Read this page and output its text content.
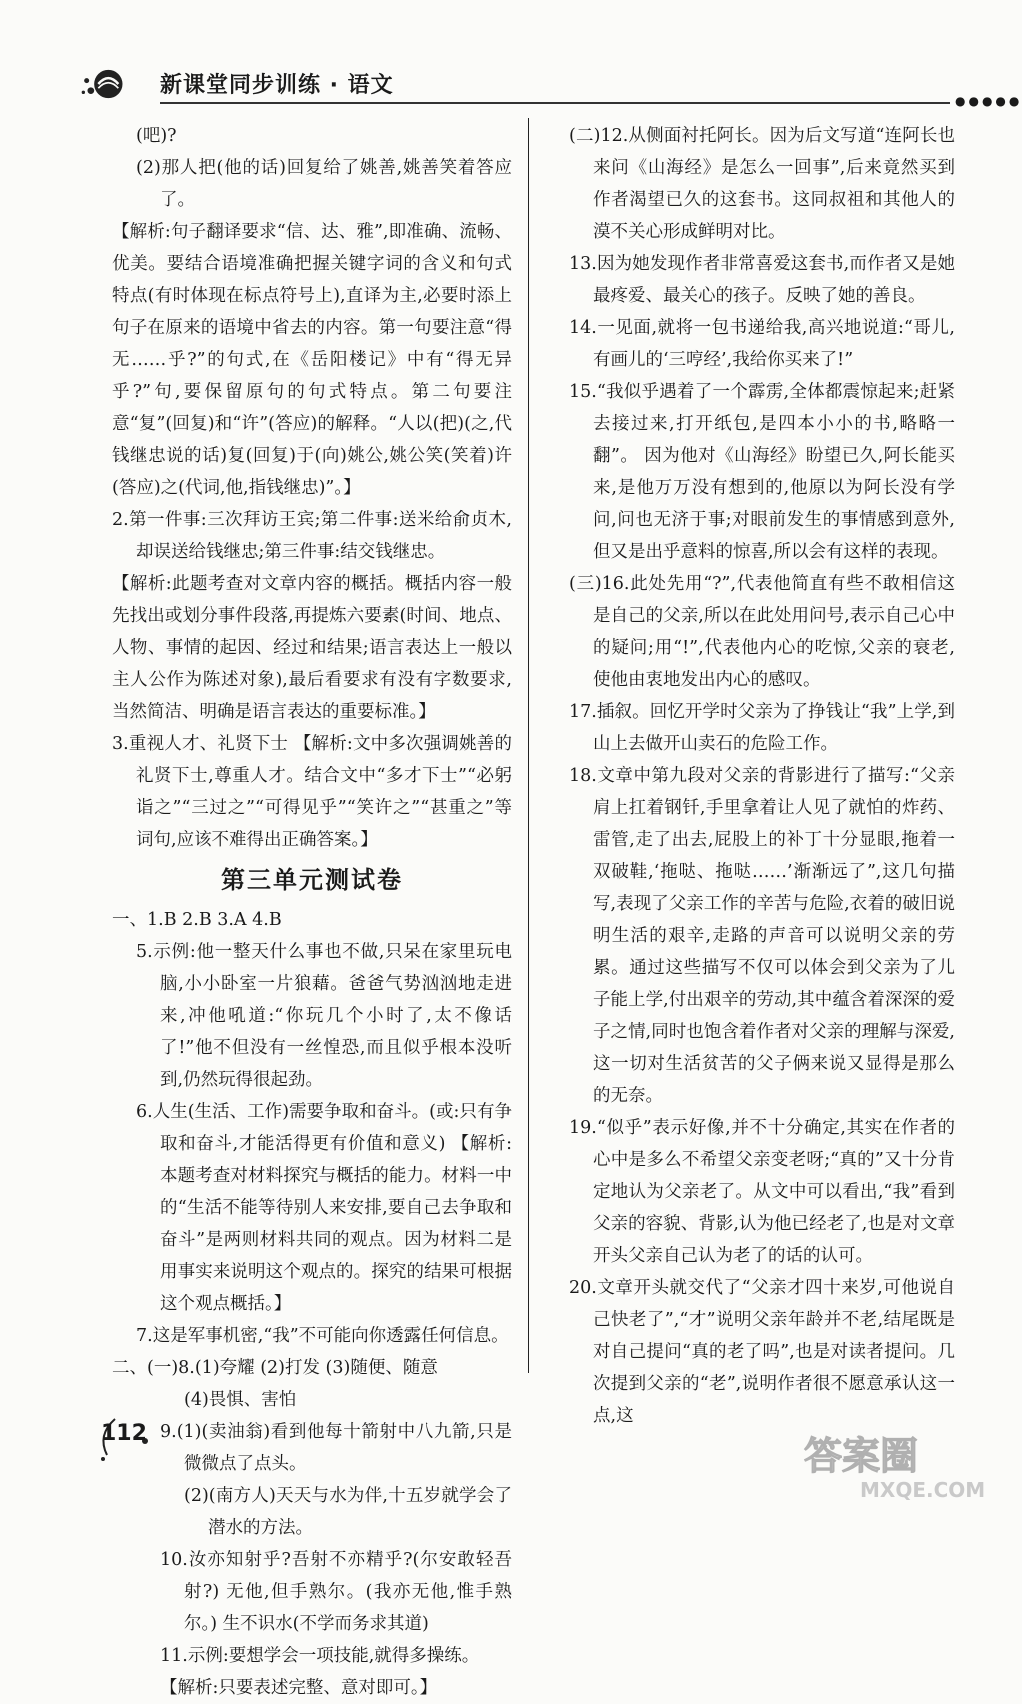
新课堂同步训练 · 语文
●●●●●

(吧)?

(2)那人把(他的话)回复给了姚善,姚善笑着答应了。

【解析:句子翻译要求“信、达、雅”,即准确、流畅、优美。要结合语境准确把握关键字词的含义和句式特点(有时体现在标点符号上),直译为主,必要时添上句子在原来的语境中省去的内容。第一句要注意“得无……乎?”的句式,在《岳阳楼记》中有“得无异乎?”句,要保留原句的句式特点。第二句要注意“复”(回复)和“许”(答应)的解释。“人以(把)(之,代钱继忠说的话)复(回复)于(向)姚公,姚公笑(笑着)许(答应)之(代词,他,指钱继忠)”。】

2.第一件事:三次拜访王宾;第二件事:送米给俞贞木,却误送给钱继忠;第三件事:结交钱继忠。

【解析:此题考查对文章内容的概括。概括内容一般先找出或划分事件段落,再提炼六要素(时间、地点、人物、事情的起因、经过和结果;语言表达上一般以主人公作为陈述对象),最后看要求有没有字数要求,当然简洁、明确是语言表达的重要标准。】

3.重视人才、礼贤下士 【解析:文中多次强调姚善的礼贤下士,尊重人才。结合文中“多才下士”“必躬诣之”“三过之”“可得见乎”“笑许之”“甚重之”等词句,应该不难得出正确答案。】

第三单元测试卷

一、1.B 2.B 3.A 4.B

5.示例:他一整天什么事也不做,只呆在家里玩电脑,小小卧室一片狼藉。爸爸气势汹汹地走进来,冲他吼道:“你玩几个小时了,太不像话了!”他不但没有一丝惶恐,而且似乎根本没听到,仍然玩得很起劲。

6.人生(生活、工作)需要争取和奋斗。(或:只有争取和奋斗,才能活得更有价值和意义) 【解析:本题考查对材料探究与概括的能力。材料一中的“生活不能等待别人来安排,要自己去争取和奋斗”是两则材料共同的观点。因为材料二是用事实来说明这个观点的。探究的结果可根据这个观点概括。】

7.这是军事机密,“我”不可能向你透露任何信息。

二、(一)8.(1)夸耀 (2)打发 (3)随便、随意

(4)畏惧、害怕

9.(1)(卖油翁)看到他每十箭射中八九箭,只是微微点了点头。

(2)(南方人)天天与水为伴,十五岁就学会了潜水的方法。

10.汝亦知射乎?吾射不亦精乎?(尔安敢轻吾射?) 无他,但手熟尔。(我亦无他,惟手熟尔。) 生不识水(不学而务求其道)

11.示例:要想学会一项技能,就得多操练。

【解析:只要表述完整、意对即可。】

(二)12.从侧面衬托阿长。因为后文写道“连阿长也来问《山海经》是怎么一回事”,后来竟然买到作者渴望已久的这套书。这同叔祖和其他人的漠不关心形成鲜明对比。

13.因为她发现作者非常喜爱这套书,而作者又是她最疼爱、最关心的孩子。反映了她的善良。

14.一见面,就将一包书递给我,高兴地说道:“哥儿,有画儿的‘三哼经’,我给你买来了!”

15.“我似乎遇着了一个霹雳,全体都震惊起来;赶紧去接过来,打开纸包,是四本小小的书,略略一翻”。 因为他对《山海经》盼望已久,阿长能买来,是他万万没有想到的,他原以为阿长没有学问,问也无济于事;对眼前发生的事情感到意外,但又是出乎意料的惊喜,所以会有这样的表现。

(三)16.此处先用“?”,代表他简直有些不敢相信这是自己的父亲,所以在此处用问号,表示自己心中的疑问;用“!”,代表他内心的吃惊,父亲的衰老,使他由衷地发出内心的感叹。

17.插叙。回忆开学时父亲为了挣钱让“我”上学,到山上去做开山卖石的危险工作。

18.文章中第九段对父亲的背影进行了描写:“父亲肩上扛着钢钎,手里拿着让人见了就怕的炸药、雷管,走了出去,屁股上的补丁十分显眼,拖着一双破鞋,‘拖哒、拖哒……’渐渐远了”,这几句描写,表现了父亲工作的辛苦与危险,衣着的破旧说明生活的艰辛,走路的声音可以说明父亲的劳累。通过这些描写不仅可以体会到父亲为了儿子能上学,付出艰辛的劳动,其中蕴含着深深的爱子之情,同时也饱含着作者对父亲的理解与深爱,这一切对生活贫苦的父子俩来说又显得是那么的无奈。

19.“似乎”表示好像,并不十分确定,其实在作者的心中是多么不希望父亲变老呀;“真的”又十分肯定地认为父亲老了。从文中可以看出,“我”看到父亲的容貌、背影,认为他已经老了,也是对文章开头父亲自己认为老了的话的认可。

20.文章开头就交代了“父亲才四十来岁,可他说自己快老了”,“才”说明父亲年龄并不老,结尾既是对自己提问“真的老了吗”,也是对读者提问。几次提到父亲的“老”,说明作者很不愿意承认这一点,这

112
答案圈
MXQE.COM
